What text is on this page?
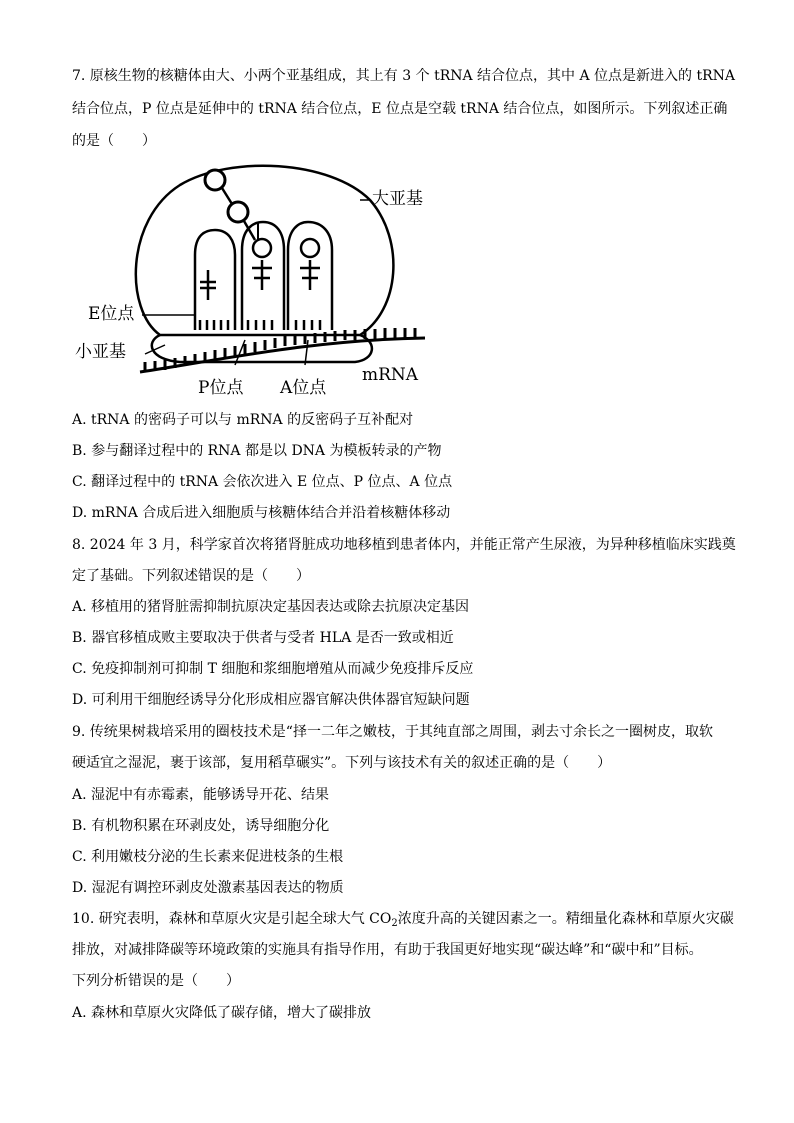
7. 原核生物的核糖体由大、小两个亚基组成，其上有 3 个 tRNA 结合位点，其中 A 位点是新进入的 tRNA
结合位点，P 位点是延伸中的 tRNA 结合位点，E 位点是空载 tRNA 结合位点，如图所示。下列叙述正确
的是（　　）
大亚基
E位点
小亚基
P位点 A位点
mRNA
A. tRNA 的密码子可以与 mRNA 的反密码子互补配对
B. 参与翻译过程中的 RNA 都是以 DNA 为模板转录的产物
C. 翻译过程中的 tRNA 会依次进入 E 位点、P 位点、A 位点
D. mRNA 合成后进入细胞质与核糖体结合并沿着核糖体移动
8. 2024 年 3 月，科学家首次将猪肾脏成功地移植到患者体内，并能正常产生尿液，为异种移植临床实践奠
定了基础。下列叙述错误的是（　　）
A. 移植用的猪肾脏需抑制抗原决定基因表达或除去抗原决定基因
B. 器官移植成败主要取决于供者与受者 HLA 是否一致或相近
C. 免疫抑制剂可抑制 T 细胞和浆细胞增殖从而减少免疫排斥反应
D. 可利用干细胞经诱导分化形成相应器官解决供体器官短缺问题
9. 传统果树栽培采用的圈枝技术是“择一二年之嫩枝，于其纯直部之周围，剥去寸余长之一圈树皮，取软
硬适宜之湿泥，裹于该部，复用稻草碾实”。下列与该技术有关的叙述正确的是（　　）
A. 湿泥中有赤霉素，能够诱导开花、结果
B. 有机物积累在环剥皮处，诱导细胞分化
C. 利用嫩枝分泌的生长素来促进枝条的生根
D. 湿泥有调控环剥皮处激素基因表达的物质
10. 研究表明，森林和草原火灾是引起全球大气 $CO_2$浓度升高的关键因素之一。精细量化森林和草原火灾碳
排放，对减排降碳等环境政策的实施具有指导作用，有助于我国更好地实现“碳达峰”和“碳中和”目标。
下列分析错误的是（　　）
A. 森林和草原火灾降低了碳存储，增大了碳排放
